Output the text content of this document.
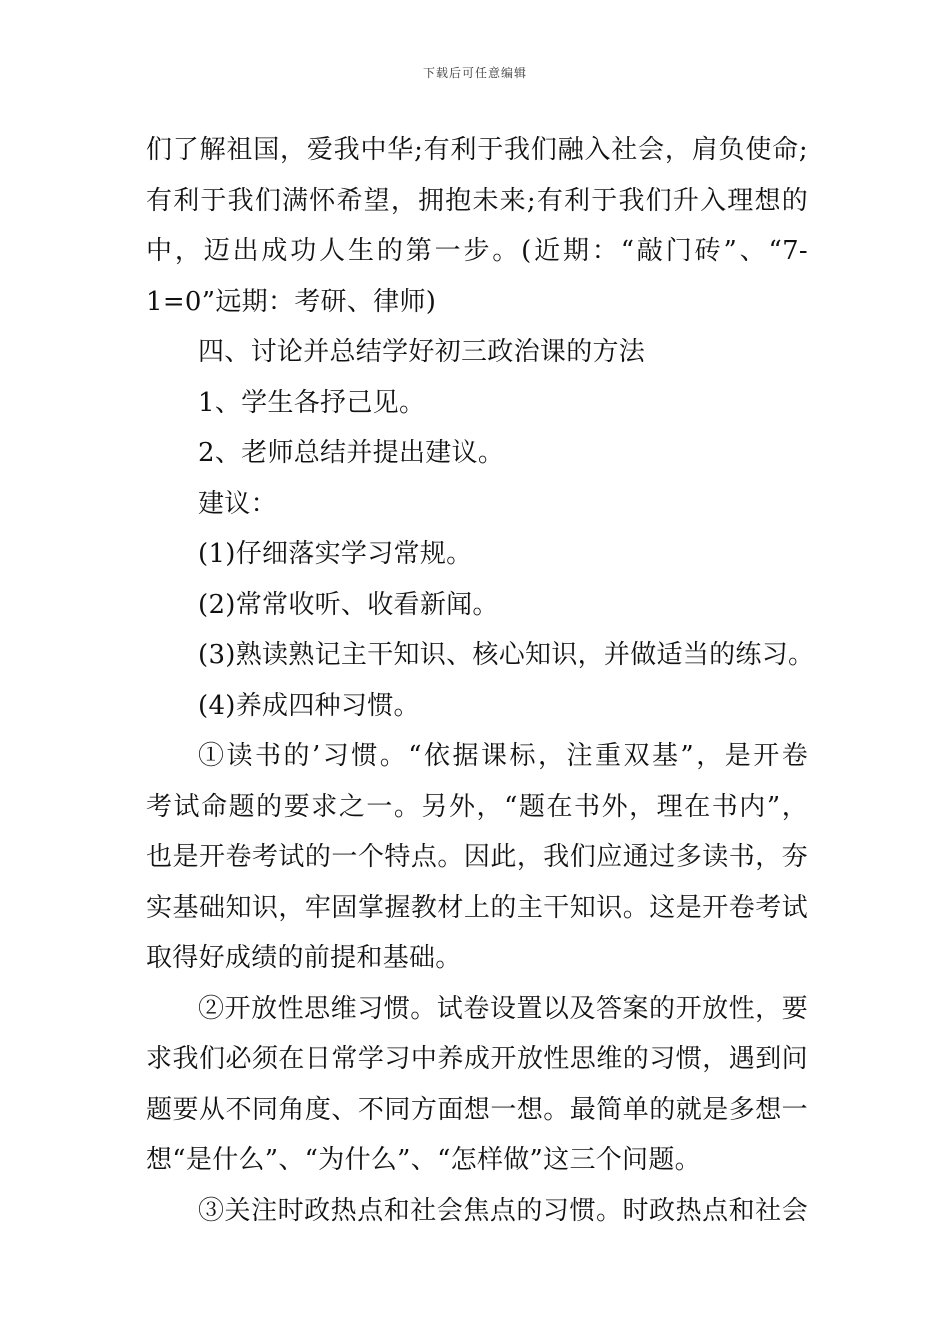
下载后可任意编辑
们了解祖国，爱我中华;有利于我们融入社会，肩负使命;
有利于我们满怀希望，拥抱未来;有利于我们升入理想的
中，迈出成功人生的第一步。(近期：“敲门砖”、“7-
1=0”远期：考研、律师)
四、讨论并总结学好初三政治课的方法
1、学生各抒己见。
2、老师总结并提出建议。
建议：
(1)仔细落实学习常规。
(2)常常收听、收看新闻。
(3)熟读熟记主干知识、核心知识，并做适当的练习。
(4)养成四种习惯。
①读书的’习惯。“依据课标，注重双基”，是开卷
考试命题的要求之一。另外，“题在书外，理在书内”，
也是开卷考试的一个特点。因此，我们应通过多读书，夯
实基础知识，牢固掌握教材上的主干知识。这是开卷考试
取得好成绩的前提和基础。
②开放性思维习惯。试卷设置以及答案的开放性，要
求我们必须在日常学习中养成开放性思维的习惯，遇到问
题要从不同角度、不同方面想一想。最简单的就是多想一
想“是什么”、“为什么”、“怎样做”这三个问题。
③关注时政热点和社会焦点的习惯。时政热点和社会
